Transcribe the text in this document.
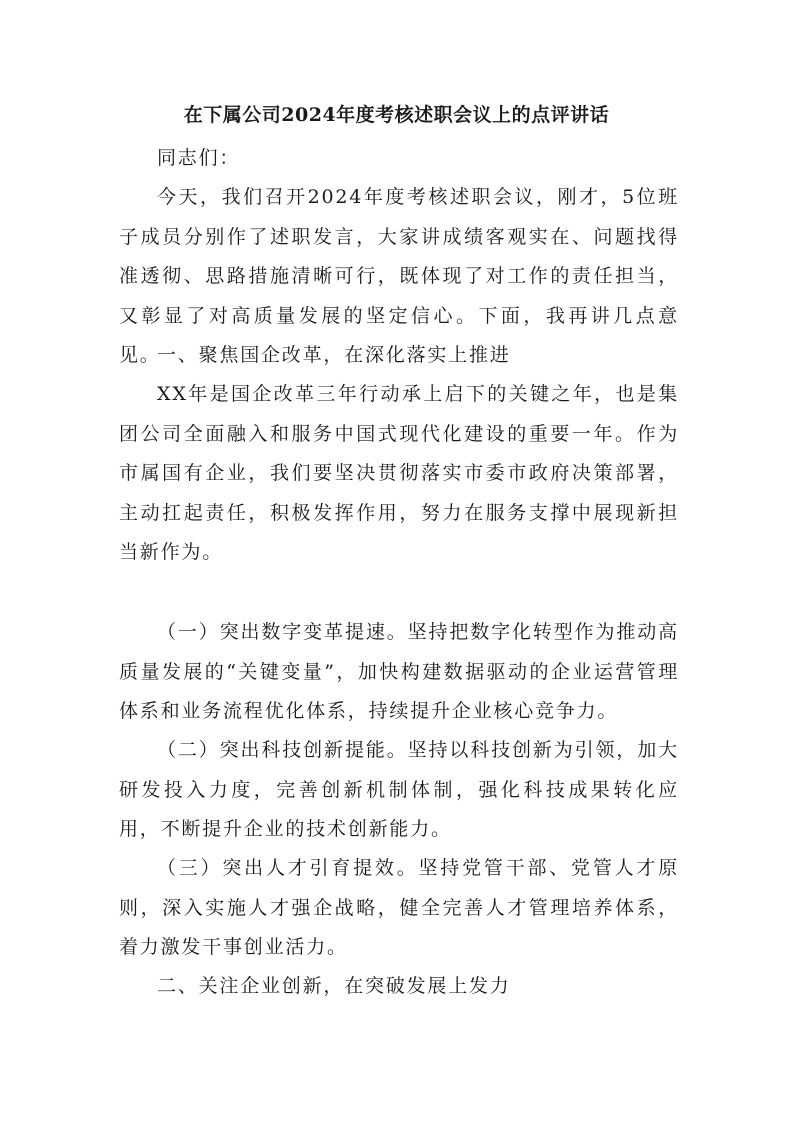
在下属公司2024年度考核述职会议上的点评讲话

同志们：

今天，我们召开2024年度考核述职会议，刚才，5位班子成员分别作了述职发言，大家讲成绩客观实在、问题找得准透彻、思路措施清晰可行，既体现了对工作的责任担当，又彰显了对高质量发展的坚定信心。下面，我再讲几点意见。

一、聚焦国企改革，在深化落实上推进

XX年是国企改革三年行动承上启下的关键之年，也是集团公司全面融入和服务中国式现代化建设的重要一年。作为市属国有企业，我们要坚决贯彻落实市委市政府决策部署，主动扛起责任，积极发挥作用，努力在服务支撑中展现新担当新作为。

（一）突出数字变革提速。坚持把数字化转型作为推动高质量发展的“关键变量”，加快构建数据驱动的企业运营管理体系和业务流程优化体系，持续提升企业核心竞争力。

（二）突出科技创新提能。坚持以科技创新为引领，加大研发投入力度，完善创新机制体制，强化科技成果转化应用，不断提升企业的技术创新能力。

（三）突出人才引育提效。坚持党管干部、党管人才原则，深入实施人才强企战略，健全完善人才管理培养体系，着力激发干事创业活力。

二、关注企业创新，在突破发展上发力
